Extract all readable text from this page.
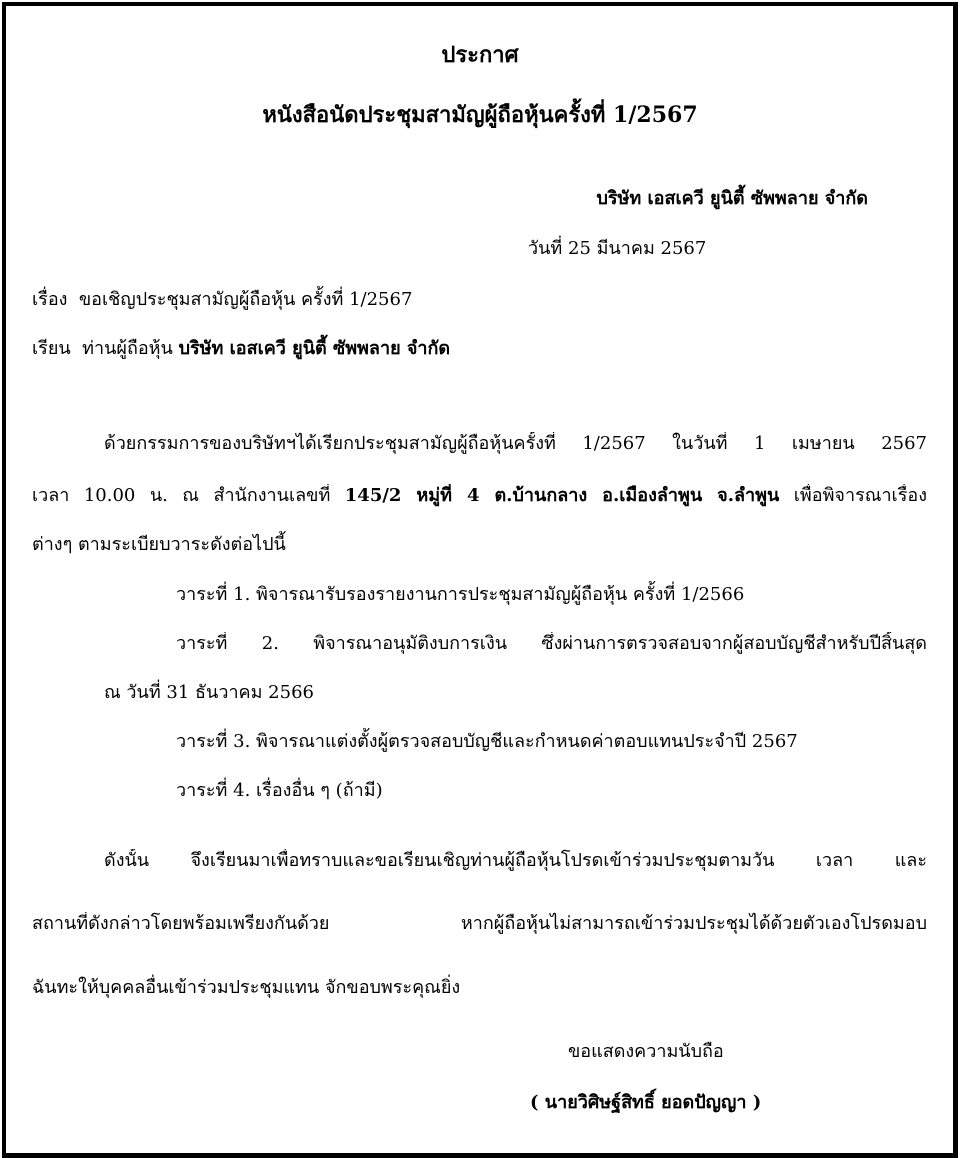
ประกาศ
หนังสือนัดประชุมสามัญผู้ถือหุ้นครั้งที่ 1/2567
บริษัท เอสเควี ยูนิตี้ ซัพพลาย จำกัด
วันที่ 25 มีนาคม 2567
เรื่อง ขอเชิญประชุมสามัญผู้ถือหุ้น ครั้งที่ 1/2567
เรียน ท่านผู้ถือหุ้น บริษัท เอสเควี ยูนิตี้ ซัพพลาย จำกัด
ด้วยกรรมการของบริษัทฯได้เรียกประชุมสามัญผู้ถือหุ้นครั้งที่ 1/2567 ในวันที่ 1 เมษายน 2567
เวลา 10.00 น. ณ สำนักงานเลขที่ 145/2 หมู่ที่ 4 ต.บ้านกลาง อ.เมืองลำพูน จ.ลำพูน เพื่อพิจารณาเรื่อง
ต่างๆ ตามระเบียบวาระดังต่อไปนี้
วาระที่ 1. พิจารณารับรองรายงานการประชุมสามัญผู้ถือหุ้น ครั้งที่ 1/2566
วาระที่ 2. พิจารณาอนุมัติงบการเงิน ซึ่งผ่านการตรวจสอบจากผู้สอบบัญชีสำหรับปีสิ้นสุด
ณ วันที่ 31 ธันวาคม 2566
วาระที่ 3. พิจารณาแต่งตั้งผู้ตรวจสอบบัญชีและกำหนดค่าตอบแทนประจำปี 2567
วาระที่ 4. เรื่องอื่น ๆ (ถ้ามี)
ดังนั้น จึงเรียนมาเพื่อทราบและขอเรียนเชิญท่านผู้ถือหุ้นโปรดเข้าร่วมประชุมตามวัน เวลา และ
สถานที่ดังกล่าวโดยพร้อมเพรียงกันด้วย หากผู้ถือหุ้นไม่สามารถเข้าร่วมประชุมได้ด้วยตัวเองโปรดมอบ
ฉันทะให้บุคคลอื่นเข้าร่วมประชุมแทน จักขอบพระคุณยิ่ง
ขอแสดงความนับถือ
( นายวิศิษฐ์สิทธิ์ ยอดปัญญา )
